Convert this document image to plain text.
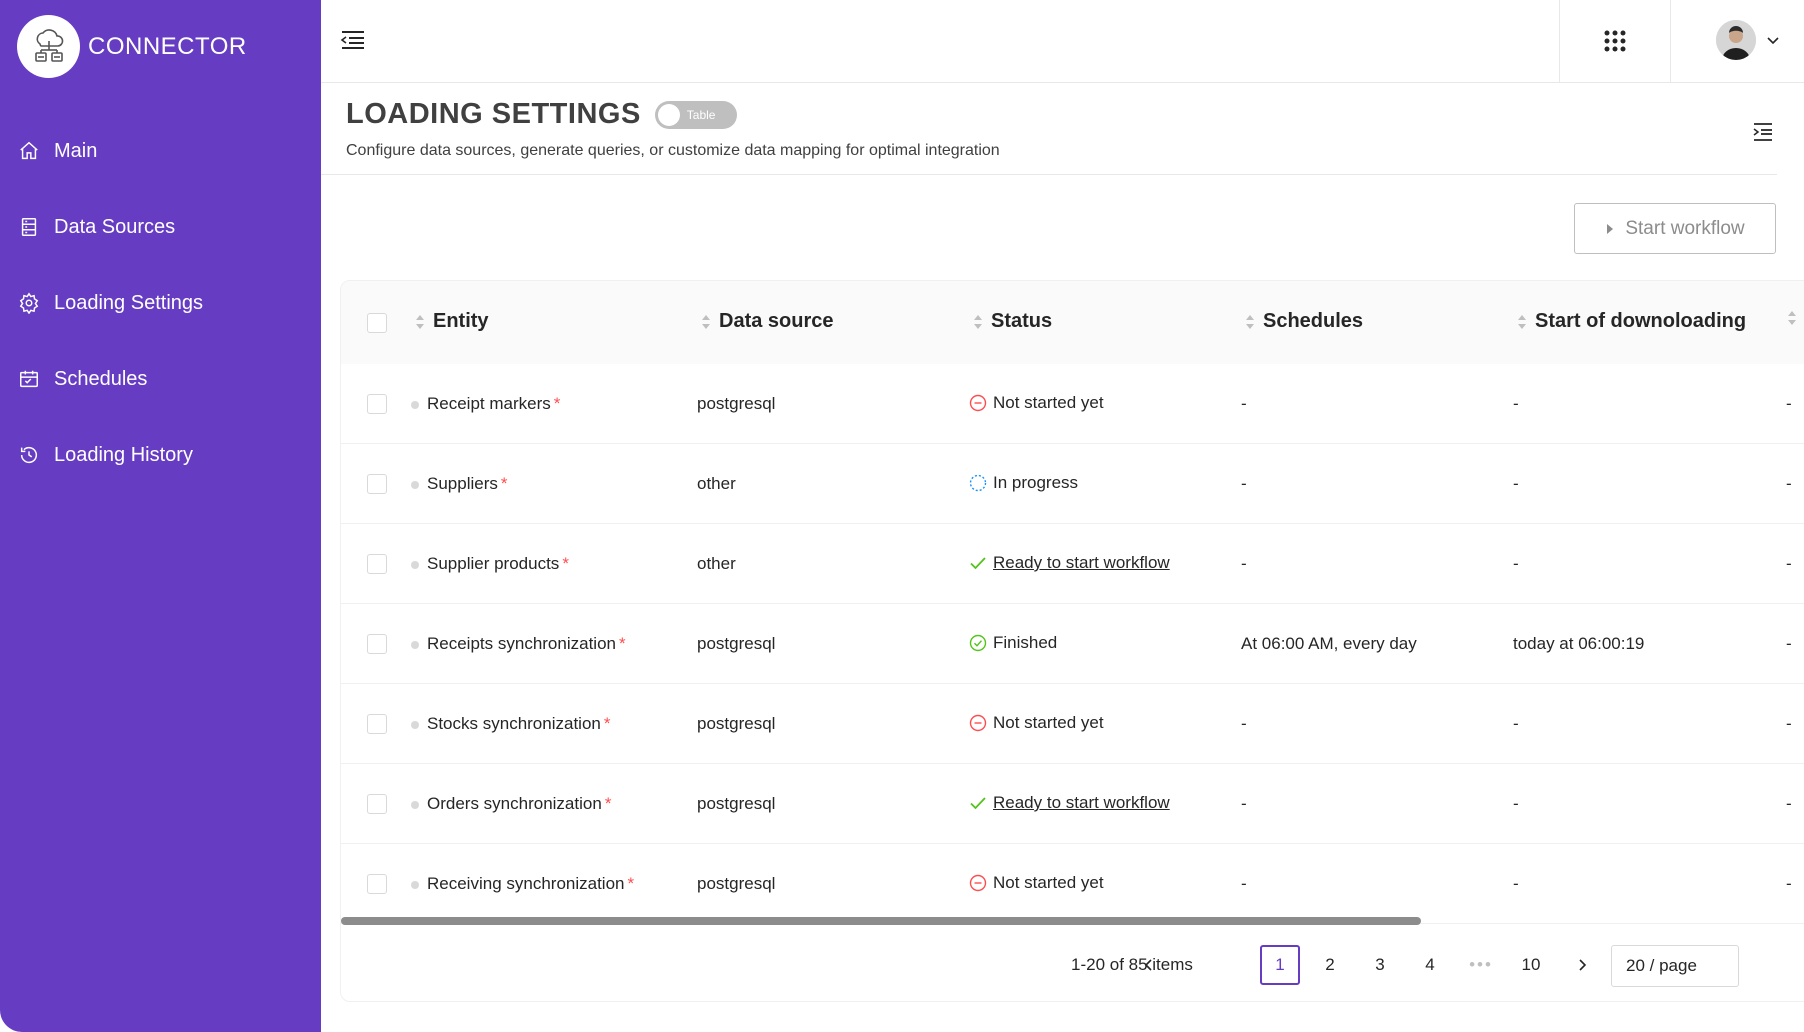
CONNECTOR
Main
Data Sources
Loading Settings
Schedules
Loading History
LOADING SETTINGS	Table
Configure data sources, generate queries, or customize data mapping for optimal integration
Start workflow
Entity	Data source	Status	Schedules	Start of downoloading
Receipt markers *	postgresql	Not started yet	-	-	-
Suppliers *	other	In progress	-	-	-
Supplier products *	other	Ready to start workflow	-	-	-
Receipts synchronization *	postgresql	Finished	At 06:00 AM, every day	today at 06:00:19	-
Stocks synchronization *	postgresql	Not started yet	-	-	-
Orders synchronization *	postgresql	Ready to start workflow	-	-	-
Receiving synchronization *	postgresql	Not started yet	-	-	-
1-20 of 85 items	1	2	3	4	•••	10	20 / page
